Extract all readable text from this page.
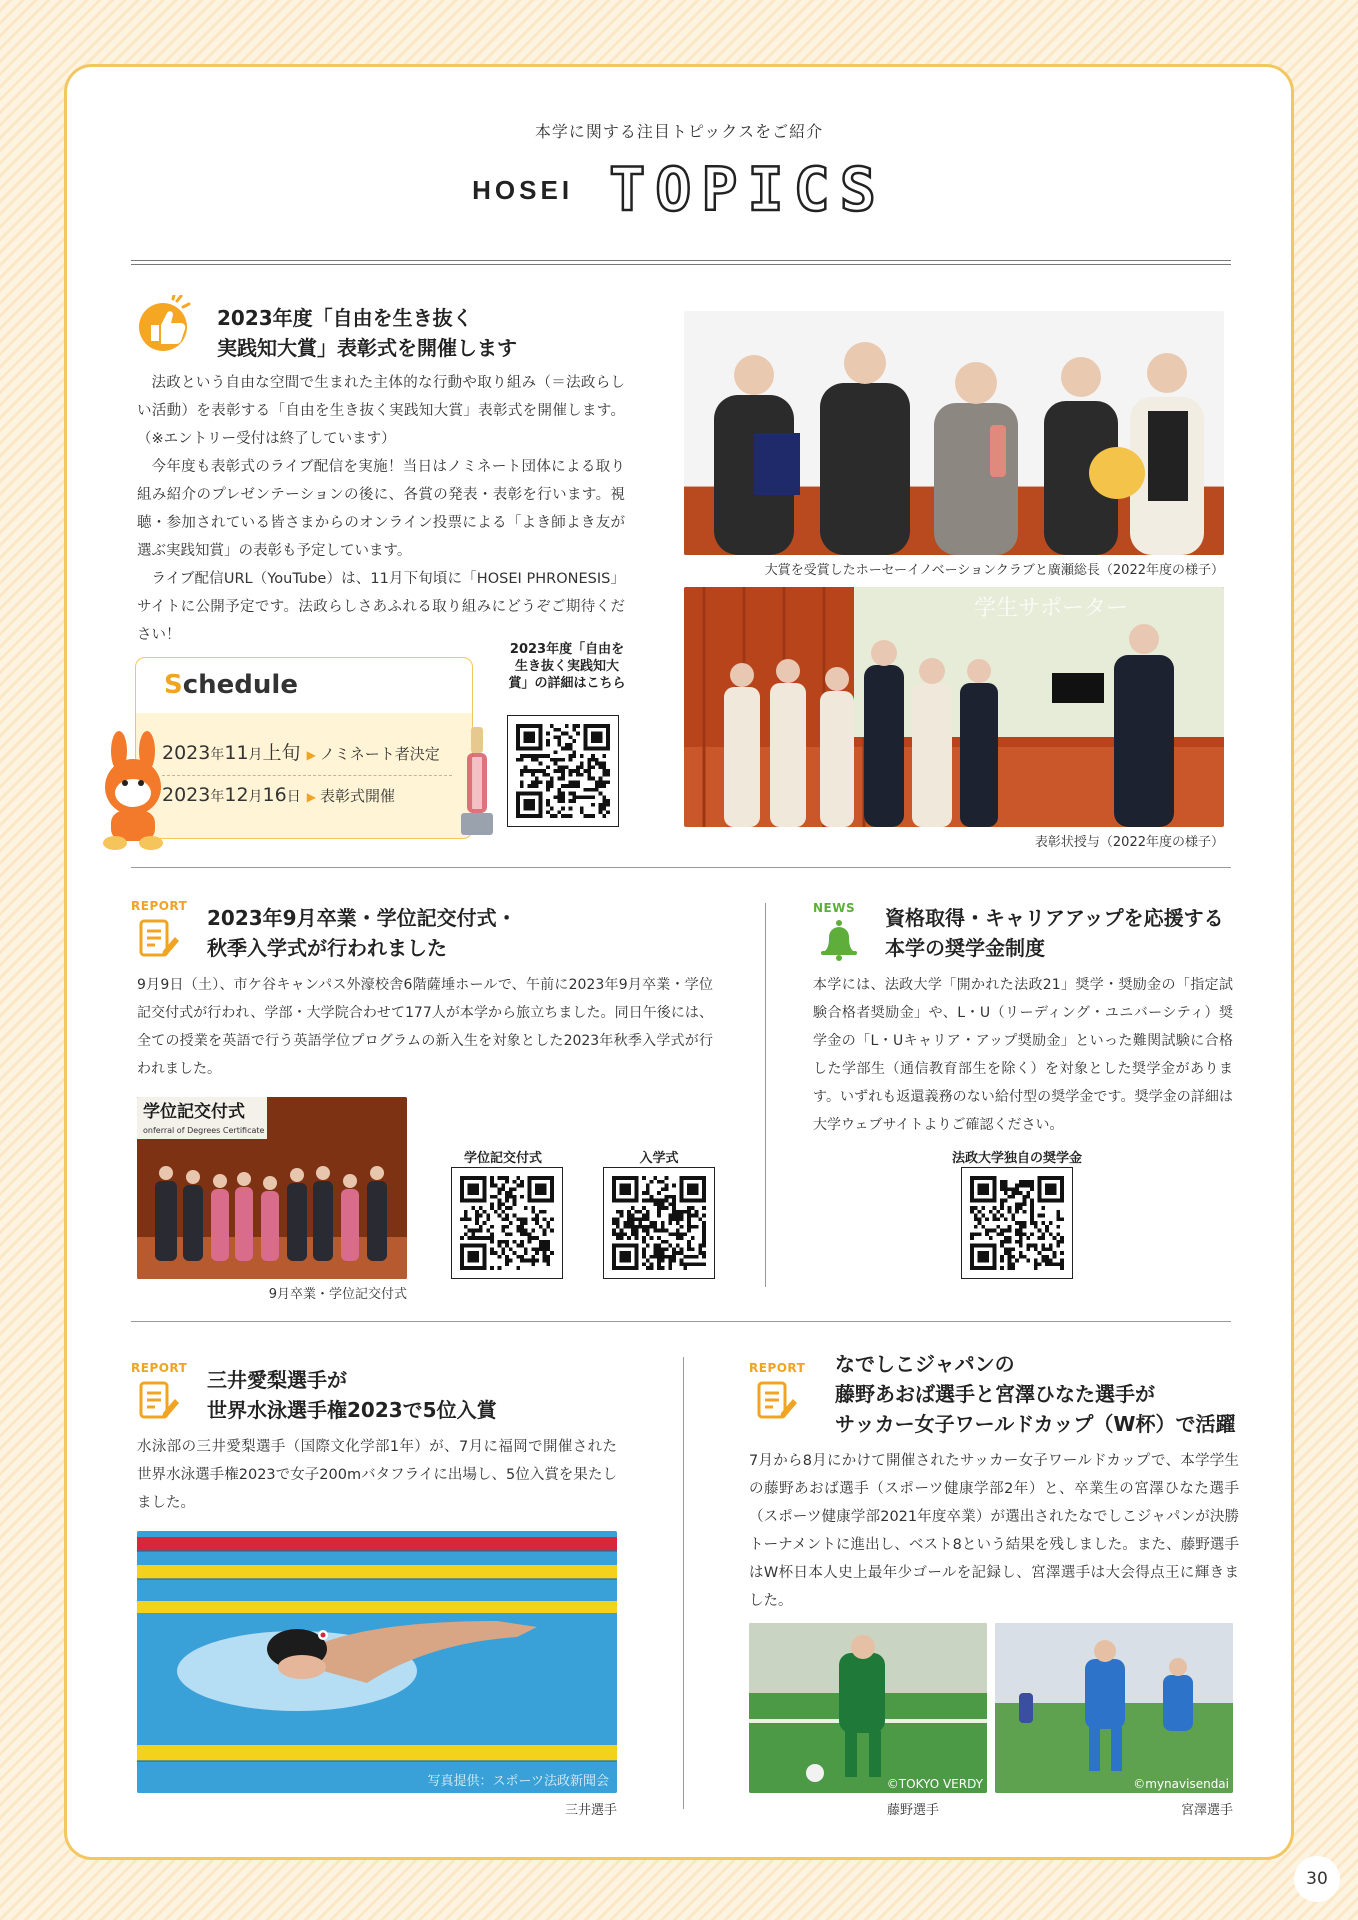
本学に関する注目トピックスをご紹介
HOSEI TOPICS
2023年度「自由を生き抜く
実践知大賞」表彰式を開催します

法政という自由な空間で生まれた主体的な行動や取り組み（＝法政らしい活動）を表彰する「自由を生き抜く実践知大賞」表彰式を開催します。（※エントリー受付は終了しています）

今年度も表彰式のライブ配信を実施！当日はノミネート団体による取り組み紹介のプレゼンテーションの後に、各賞の発表・表彰を行います。視聴・参加されている皆さまからのオンライン投票による「よき師よき友が選ぶ実践知賞」の表彰も予定しています。

ライブ配信URL（YouTube）は、11月下旬頃に「HOSEI PHRONESIS」サイトに公開予定です。法政らしさあふれる取り組みにどうぞご期待ください！

Schedule
2023年11月上旬 ▶ ノミネート者決定
2023年12月16日 ▶ 表彰式開催
2023年度「自由を生き抜く実践知大賞」の詳細はこちら
大賞を受賞したホーセーイノベーションクラブと廣瀬総長（2022年度の様子）
学生サポーター
表彰状授与（2022年度の様子）
REPORT 2023年9月卒業・学位記交付式・
秋季入学式が行われました
9月9日（土）、市ケ谷キャンパス外濠校舎6階薩埵ホールで、午前に2023年9月卒業・学位記交付式が行われ、学部・大学院合わせて177人が本学から旅立ちました。同日午後には、全ての授業を英語で行う英語学位プログラムの新入生を対象とした2023年秋季入学式が行われました。
学位記交付式
onferral of Degrees Certificate
9月卒業・学位記交付式
学位記交付式	入学式
NEWS 資格取得・キャリアアップを応援する
本学の奨学金制度
本学には、法政大学「開かれた法政21」奨学・奨励金の「指定試験合格者奨励金」や、L・U（リーディング・ユニバーシティ）奨学金の「L・Uキャリア・アップ奨励金」といった難関試験に合格した学部生（通信教育部生を除く）を対象とした奨学金があります。いずれも返還義務のない給付型の奨学金です。奨学金の詳細は大学ウェブサイトよりご確認ください。
法政大学独自の奨学金
REPORT 三井愛梨選手が
世界水泳選手権2023で5位入賞
水泳部の三井愛梨選手（国際文化学部1年）が、7月に福岡で開催された世界水泳選手権2023で女子200mバタフライに出場し、5位入賞を果たしました。
写真提供：スポーツ法政新聞会
三井選手
REPORT なでしこジャパンの
藤野あおば選手と宮澤ひなた選手が
サッカー女子ワールドカップ（W杯）で活躍
7月から8月にかけて開催されたサッカー女子ワールドカップで、本学学生の藤野あおば選手（スポーツ健康学部2年）と、卒業生の宮澤ひなた選手（スポーツ健康学部2021年度卒業）が選出されたなでしこジャパンが決勝トーナメントに進出し、ベスト8という結果を残しました。また、藤野選手はW杯日本人史上最年少ゴールを記録し、宮澤選手は大会得点王に輝きました。
©TOKYO VERDY
藤野選手
©mynavisendai
宮澤選手
30
